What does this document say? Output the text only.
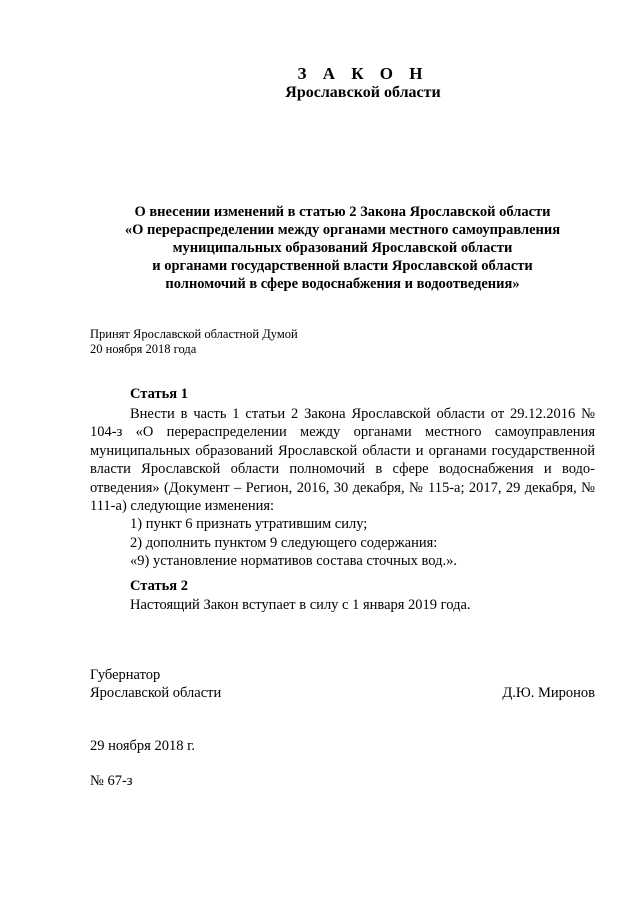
З А К О Н
Ярославской области
О внесении изменений в статью 2 Закона Ярославской области
«О перераспределении между органами местного самоуправления
муниципальных образований Ярославской области
и органами государственной власти Ярославской области
полномочий в сфере водоснабжения и водоотведения»
Принят Ярославской областной Думой
20 ноября 2018 года
Статья 1
Внести в часть 1 статьи 2 Закона Ярославской области от 29.12.2016 № 104-з «О перераспределении между органами местного самоуправления муниципальных образований Ярославской области и органами государственной власти Ярославской области полномочий в сфере водоснабжения и водоотведения» (Документ – Регион, 2016, 30 декабря, № 115-а; 2017, 29 декабря, № 111-а) следующие изменения:
1) пункт 6 признать утратившим силу;
2) дополнить пунктом 9 следующего содержания:
«9) установление нормативов состава сточных вод.».
Статья 2
Настоящий Закон вступает в силу с 1 января 2019 года.
Губернатор
Ярославской области	Д.Ю. Миронов
29 ноября 2018 г.
№ 67-з
